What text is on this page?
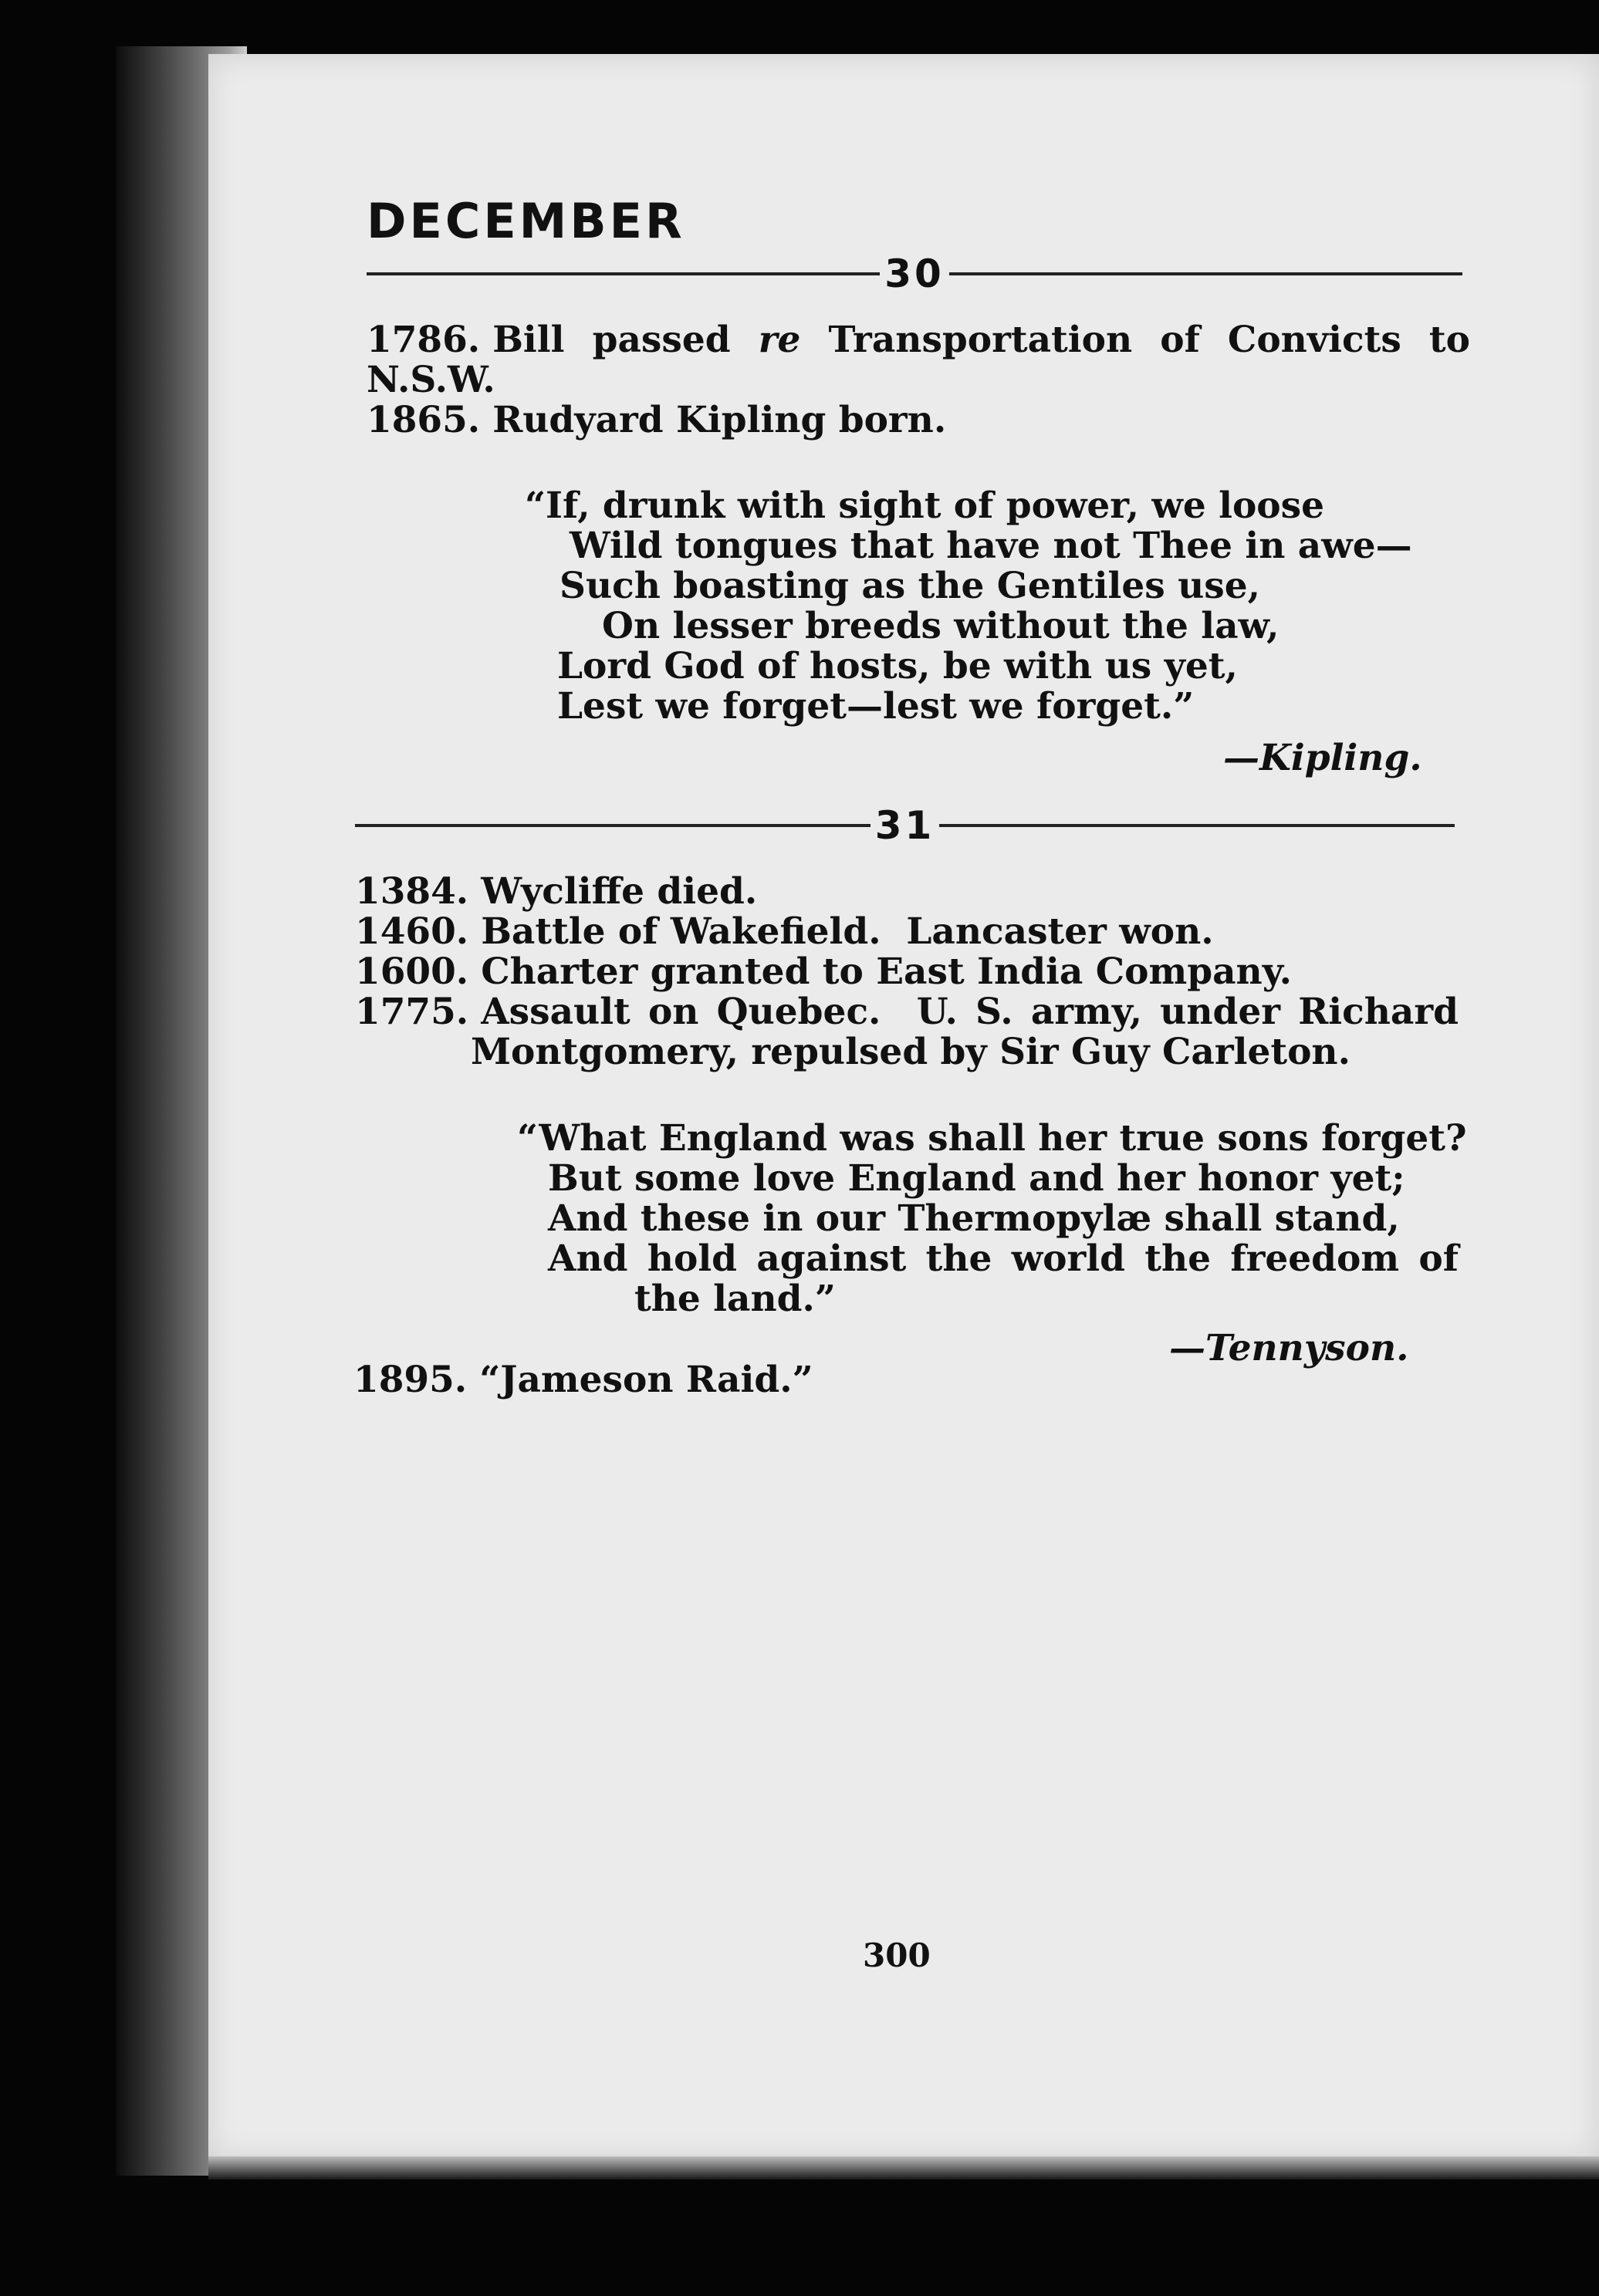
DECEMBER
30
1786. Bill passed re Transportation of Convicts to
N.S.W.
1865. Rudyard Kipling born.
“If, drunk with sight of power, we loose
Wild tongues that have not Thee in awe—
Such boasting as the Gentiles use,
On lesser breeds without the law,
Lord God of hosts, be with us yet,
Lest we forget—lest we forget.”
—Kipling.
31
1384. Wycliffe died.
1460. Battle of Wakefield.  Lancaster won.
1600. Charter granted to East India Company.
1775. Assault on Quebec.  U. S. army, under Richard
Montgomery, repulsed by Sir Guy Carleton.
“What England was shall her true sons forget?
But some love England and her honor yet;
And these in our Thermopylæ shall stand,
And hold against the world the freedom of
the land.”
—Tennyson.
1895. “Jameson Raid.”
300
